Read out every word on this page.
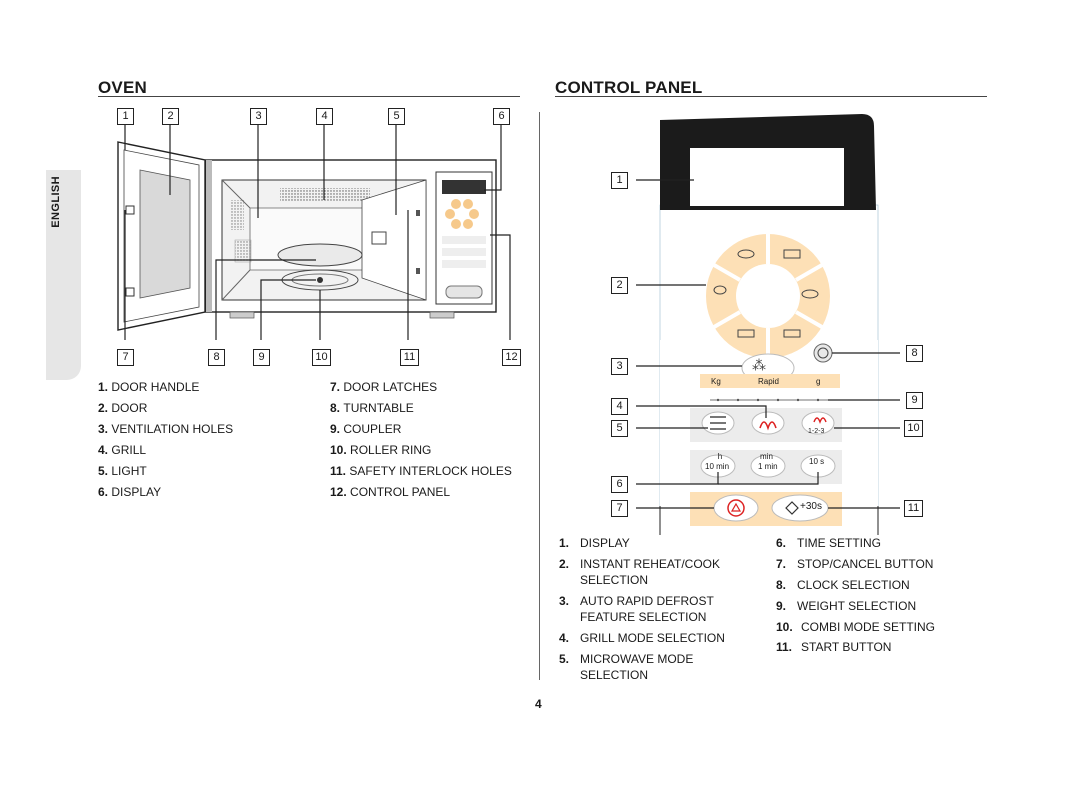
ENGLISH
OVEN	CONTROL PANEL
1	2	3	4	5	6
7	8	9	10	11	12
1.
DOOR HANDLE
2.
DOOR
3.
VENTILATION HOLES
4.
GRILL
5.
LIGHT
6.
DISPLAY
7.
DOOR LATCHES
8.
TURNTABLE
9.
COUPLER
10.
ROLLER RING
11.
SAFETY INTERLOCK HOLES
12.
CONTROL PANEL
⁂
Kg	Rapid	g
1-2-3
h
10 min
min
1 min
10 s
+30s
1
2
3
4
5
6
7
8
9
10
11
1. DISPLAY
2. INSTANT REHEAT/COOK SELECTION
3. AUTO RAPID DEFROST FEATURE SELECTION
4. GRILL MODE SELECTION
5. MICROWAVE MODE SELECTION
6. TIME SETTING
7. STOP/CANCEL BUTTON
8. CLOCK SELECTION
9. WEIGHT SELECTION
10. COMBI MODE SETTING
11. START BUTTON
4
